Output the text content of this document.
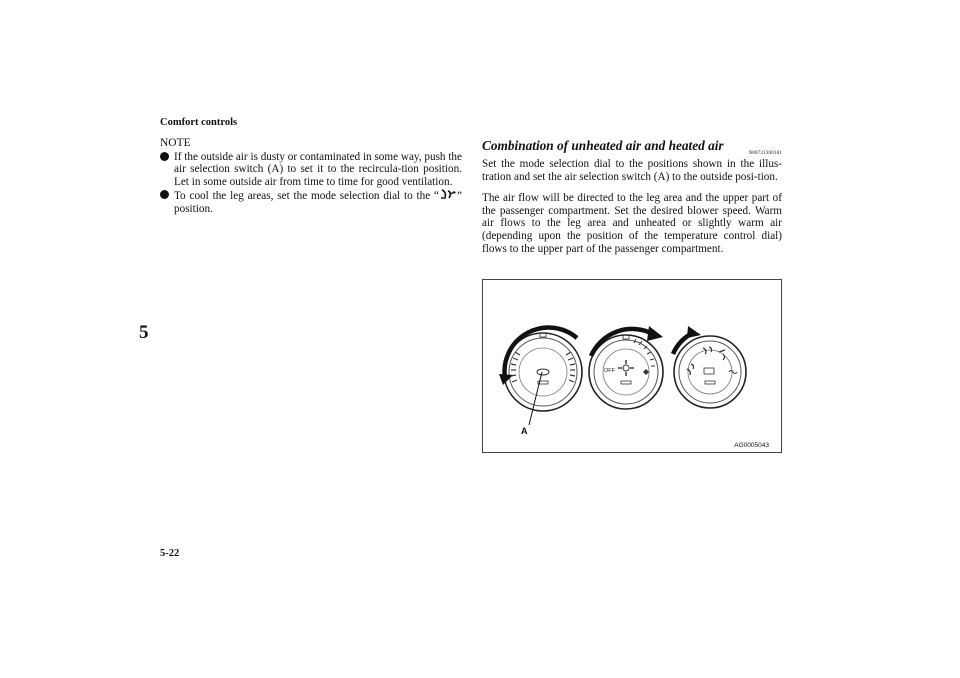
Comfort controls
5
5-22
NOTE
If the outside air is dusty or contaminated in some way, push the air selection switch (A) to set it to the recircula-tion position. Let in some outside air from time to time for good ventilation.
To cool the leg areas, set the mode selection dial to the “ ” position.
Combination of unheated air and heated air
N00731300181

Set the mode selection dial to the positions shown in the illus-tration and set the air selection switch (A) to the outside posi-tion.

The air flow will be directed to the leg area and the upper part of the passenger compartment. Set the desired blower speed. Warm air flows to the leg area and unheated or slightly warm air (depending upon the position of the temperature control dial) flows to the upper part of the passenger compartment.

OFF
A
AG0005043
